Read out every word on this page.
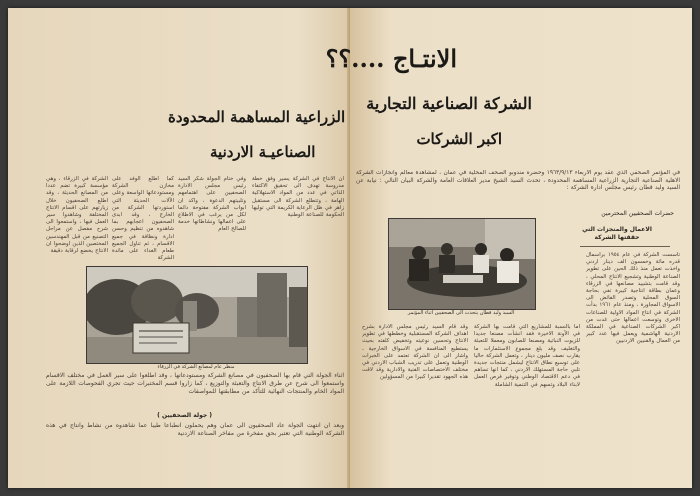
الزراعية المساهمة المحدودة
الصناعيـة الاردنية
الشركة في الزرقاء ، وهي مؤسسة كبيرة تضم عددا من المصانع الحديثة ، وقد اطلع الصحفيون خلال زيارتهم على اقسام الانتاج المختلفة وشاهدوا سير العمل فيها ، واستمعوا الى شرح مفصل عن مراحل التصنيع من قبل المهندسين المختصين الذين اوضحوا ان الانتاج يخضع لرقابة دقيقة
كما اطلع الوفد على مخازن الشركة ومستودعاتها الواسعة وعلى الآلات الحديثة التي استوردتها الشركة من الخارج ، وقد ابدى الصحفيون اعجابهم بما شاهدوه من تنظيم وحسن ادارة ونظافة في جميع الاقسام ، ثم تناول الجميع طعام الغداء على مائدة الشركة
وفي ختام الجولة شكر السيد رئيس مجلس الادارة الصحفيين على اهتمامهم وتلبيتهم الدعوة ، واكد ان ابواب الشركة مفتوحة دائما لكل من يرغب في الاطلاع على اعمالها ونشاطاتها خدمة للصالح العام
ان الانتاج في الشركة يسير وفق خطة مدروسة تهدف الى تحقيق الاكتفاء الذاتي في عدد من المواد الاستهلاكية الهامة ، وتتطلع الشركة الى مستقبل زاهر في ظل الرعاية الكريمة التي توليها الحكومة للصناعة الوطنية
منظر عام لمصانع الشركة في الزرقاء
اثناء الجولة التي قام بها الصحفيون في مصانع الشركة ومستودعاتها ، وقد اطلعوا على سير العمل في مختلف الاقسام واستمعوا الى شرح عن طرق الانتاج والتعبئة والتوزيع ، كما زاروا قسم المختبرات حيث تجري الفحوصات اللازمة على المواد الخام والمنتجات النهائية للتأكد من مطابقتها للمواصفات
( جولة الصحفيين )
وبعد ان انتهت الجولة عاد الصحفيون الى عمان وهم يحملون انطباعا طيبا عما شاهدوه من نشاط وانتاج في هذه الشركة الوطنية التي تعتبر بحق مفخرة من مفاخر الصناعة الاردنية
الانتـاج ....؟؟
الشركة الصناعية التجارية
اكبر الشركات
في المؤتمر الصحفي الذي عقد يوم الاربعاء ١٩٦٣/٩/١٣ وحضره مندوبو الصحف المحلية في عمان ، لمشاهدة معالم وانجازات الشركة الاهلية الصناعية التجارية الزراعية المساهمة المحدودة ، تحدث السيد الشيخ مدير العلاقات العامة والشركة البيان التالي : نيابة عن السيد وليد قطان رئيس مجلس ادارة الشركة :
حضرات الصحفيين المحترمين
السيد وليد قطان يتحدث الى الصحفيين اثناء المؤتمر
الاعمال والمنجزات التي حققتها الشركة
تأسست الشركة في عام ١٩٥٤ برأسمال قدره مائة وخمسون الف دينار اردني واخذت تعمل منذ ذلك الحين على تطوير الصناعة الوطنية وتشجيع الانتاج المحلي ، وقد قامت بتشييد مصانعها في الزرقاء وعمان بطاقة انتاجية كبيرة تفي بحاجة السوق المحلية وتصدر الفائض الى الاسواق المجاورة ، ومنذ عام ١٩٦١ بدأت الشركة في انتاج المواد الاولية للصناعات الاخرى وتوسعت اعمالها حتى غدت من اكبر الشركات الصناعية في المملكة الاردنية الهاشمية ويعمل فيها عدد كبير من العمال والفنيين الاردنيين
اما بالنسبة للمشاريع التي قامت بها الشركة في الآونة الاخيرة فقد انشأت مصنعا جديدا للزيوت النباتية ومصنعا للصابون ومعملا للتعبئة والتغليف وقد بلغ مجموع الاستثمارات ما يقارب نصف مليون دينار ، وتعمل الشركة حاليا على توسيع نطاق الانتاج ليشمل منتجات جديدة تلبي حاجة المستهلك الاردني ، كما انها تساهم في دعم الاقتصاد الوطني وتوفير فرص العمل لابناء البلاد وتسهم في التنمية الشاملة
وقد قام السيد رئيس مجلس الادارة بشرح اهداف الشركة المستقبلية وخططها في تطوير الانتاج وتحسين نوعيته وتخفيض كلفته بحيث يستطيع المنافسة في الاسواق الخارجية ، واشار الى ان الشركة تعتمد على الخبرات الوطنية وتعمل على تدريب الشباب الاردني في مختلف الاختصاصات الفنية والادارية وقد لاقت هذه الجهود تقديرا كبيرا من المسؤولين
